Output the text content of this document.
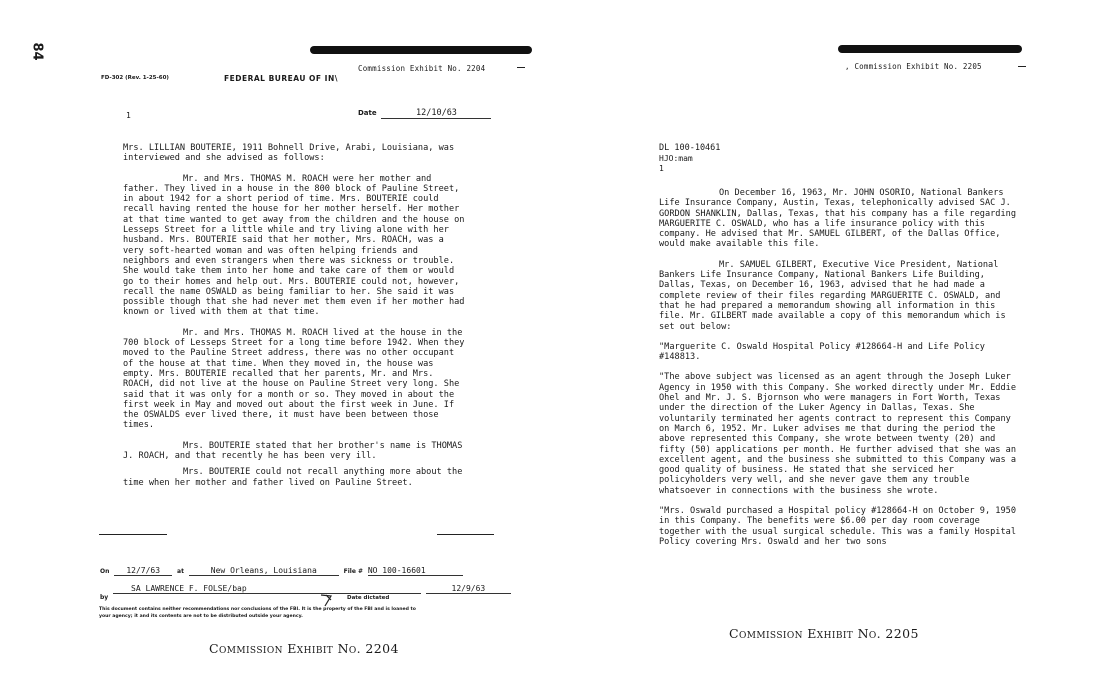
84
Commission Exhibit No. 2204
FD-302 (Rev. 1-25-60)	FEDERAL BUREAU OF IN\
1	Date	12/10/63

Mrs. LILLIAN BOUTERIE, 1911 Bohnell Drive, Arabi, Louisiana, was interviewed and she advised as follows:

Mr. and Mrs. THOMAS M. ROACH were her mother and father. They lived in a house in the 800 block of Pauline Street, in about 1942 for a short period of time. Mrs. BOUTERIE could recall having rented the house for her mother herself. Her mother at that time wanted to get away from the children and the house on Lesseps Street for a little while and try living alone with her husband. Mrs. BOUTERIE said that her mother, Mrs. ROACH, was a very soft-hearted woman and was often helping friends and neighbors and even strangers when there was sickness or trouble. She would take them into her home and take care of them or would go to their homes and help out. Mrs. BOUTERIE could not, however, recall the name OSWALD as being familiar to her. She said it was possible though that she had never met them even if her mother had known or lived with them at that time.

Mr. and Mrs. THOMAS M. ROACH lived at the house in the 700 block of Lesseps Street for a long time before 1942. When they moved to the Pauline Street address, there was no other occupant of the house at that time. When they moved in, the house was empty. Mrs. BOUTERIE recalled that her parents, Mr. and Mrs. ROACH, did not live at the house on Pauline Street very long. She said that it was only for a month or so. They moved in about the first week in May and moved out about the first week in June. If the OSWALDS ever lived there, it must have been between those times.

Mrs. BOUTERIE stated that her brother's name is THOMAS J. ROACH, and that recently he has been very ill.

Mrs. BOUTERIE could not recall anything more about the time when her mother and father lived on Pauline Street.

On 12/7/63	at	New Orleans, Louisiana	File # NO 100-16601
$_{by}$ SA LAWRENCE F. FOLSE/bap	12/9/63
Date dictated
This document contains neither recommendations nor conclusions of the FBI. It is the property of the FBI and is loaned to
your agency; it and its contents are not to be distributed outside your agency.
Commission Exhibit No. 2204
, Commission Exhibit No. 2205
DL 100-10461
HJO:mam
1

On December 16, 1963, Mr. JOHN OSORIO, National Bankers Life Insurance Company, Austin, Texas, telephonically advised SAC J. GORDON SHANKLIN, Dallas, Texas, that his company has a file regarding MARGUERITE C. OSWALD, who has a life insurance policy with this company. He advised that Mr. SAMUEL GILBERT, of the Dallas Office, would make available this file.

Mr. SAMUEL GILBERT, Executive Vice President, National Bankers Life Insurance Company, National Bankers Life Building, Dallas, Texas, on December 16, 1963, advised that he had made a complete review of their files regarding MARGUERITE C. OSWALD, and that he had prepared a memorandum showing all information in this file. Mr. GILBERT made available a copy of this memorandum which is set out below:

"Marguerite C. Oswald Hospital Policy #128664-H and Life Policy #148813.

"The above subject was licensed as an agent through the Joseph Luker Agency in 1950 with this Company. She worked directly under Mr. Eddie Ohel and Mr. J. S. Bjornson who were managers in Fort Worth, Texas under the direction of the Luker Agency in Dallas, Texas. She voluntarily terminated her agents contract to represent this Company on March 6, 1952. Mr. Luker advises me that during the period the above represented this Company, she wrote between twenty (20) and fifty (50) applications per month. He further advised that she was an excellent agent, and the business she submitted to this Company was a good quality of business. He stated that she serviced her policyholders very well, and she never gave them any trouble whatsoever in connections with the business she wrote.

"Mrs. Oswald purchased a Hospital policy #128664-H on October 9, 1950 in this Company. The benefits were $6.00 per day room coverage together with the usual surgical schedule. This was a family Hospital Policy covering Mrs. Oswald and her two sons

Commission Exhibit No. 2205
